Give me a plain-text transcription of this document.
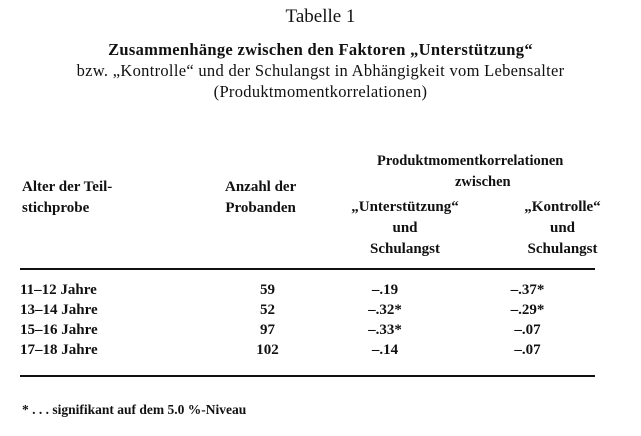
Tabelle 1
Zusammenhänge zwischen den Faktoren „Unterstützung“
bzw. „Kontrolle“ und der Schulangst in Abhängigkeit vom Lebensalter
(Produktmomentkorrelationen)
Alter der Teil-
stichprobe
Anzahl der
Probanden
Produktmomentkorrelationen
zwischen
„Unterstützung“
und
Schulangst
„Kontrolle“
und
Schulangst
11–12 Jahre	59	–.19	–.37*
13–14 Jahre	52	–.32*	–.29*
15–16 Jahre	97	–.33*	–.07
17–18 Jahre	102	–.14	–.07
* . . . signifikant auf dem 5.0 %-Niveau
